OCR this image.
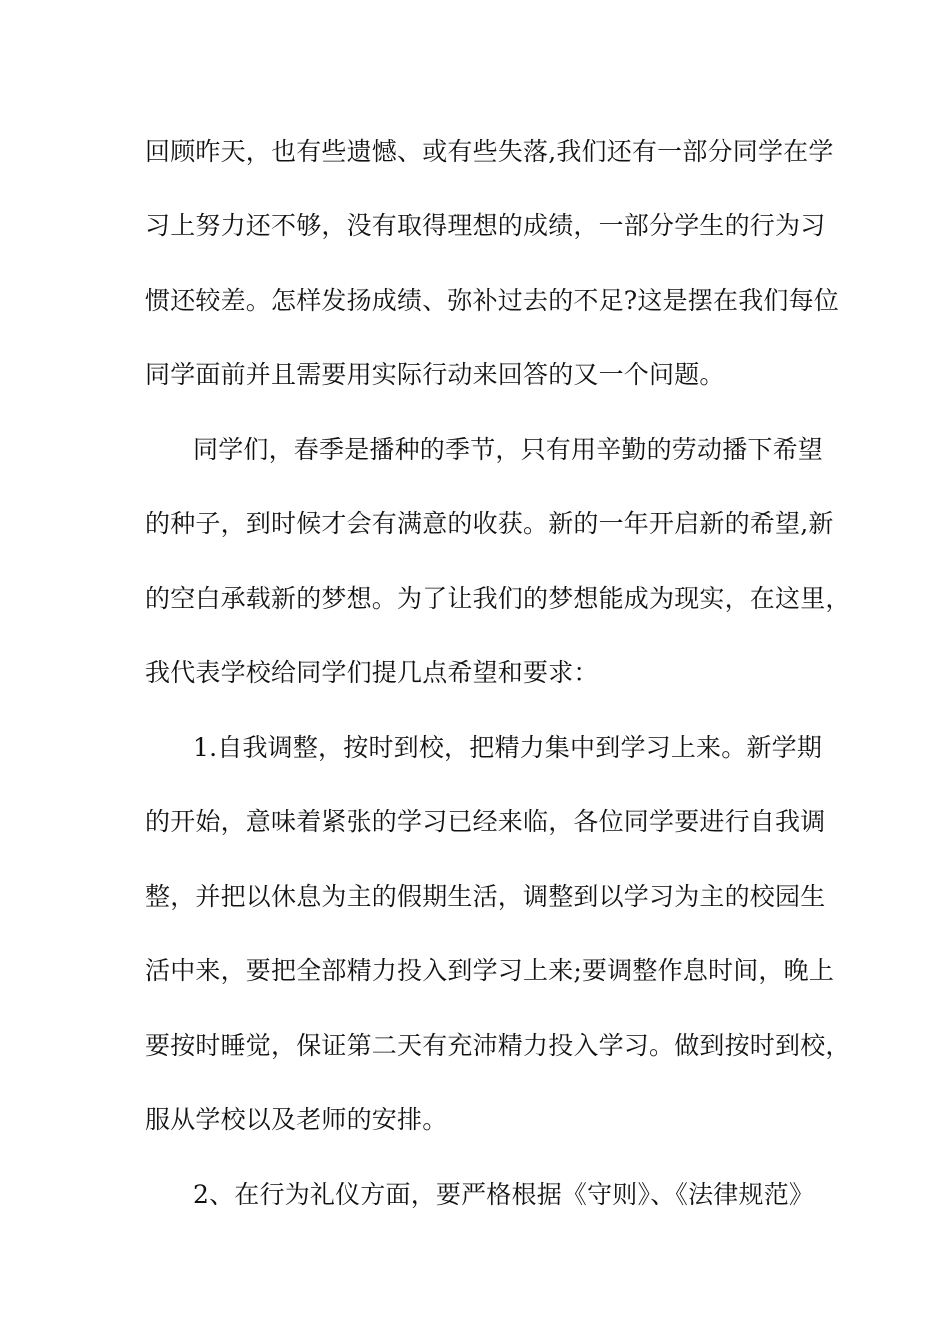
回顾昨天，也有些遗憾、或有些失落,我们还有一部分同学在学
习上努力还不够，没有取得理想的成绩，一部分学生的行为习
惯还较差。怎样发扬成绩、弥补过去的不足?这是摆在我们每位
同学面前并且需要用实际行动来回答的又一个问题。
同学们，春季是播种的季节，只有用辛勤的劳动播下希望
的种子，到时候才会有满意的收获。新的一年开启新的希望,新
的空白承载新的梦想。为了让我们的梦想能成为现实，在这里，
我代表学校给同学们提几点希望和要求：
1.自我调整，按时到校，把精力集中到学习上来。新学期
的开始，意味着紧张的学习已经来临，各位同学要进行自我调
整，并把以休息为主的假期生活，调整到以学习为主的校园生
活中来，要把全部精力投入到学习上来;要调整作息时间，晚上
要按时睡觉，保证第二天有充沛精力投入学习。做到按时到校，
服从学校以及老师的安排。
2、在行为礼仪方面，要严格根据《守则》、《法律规范》
